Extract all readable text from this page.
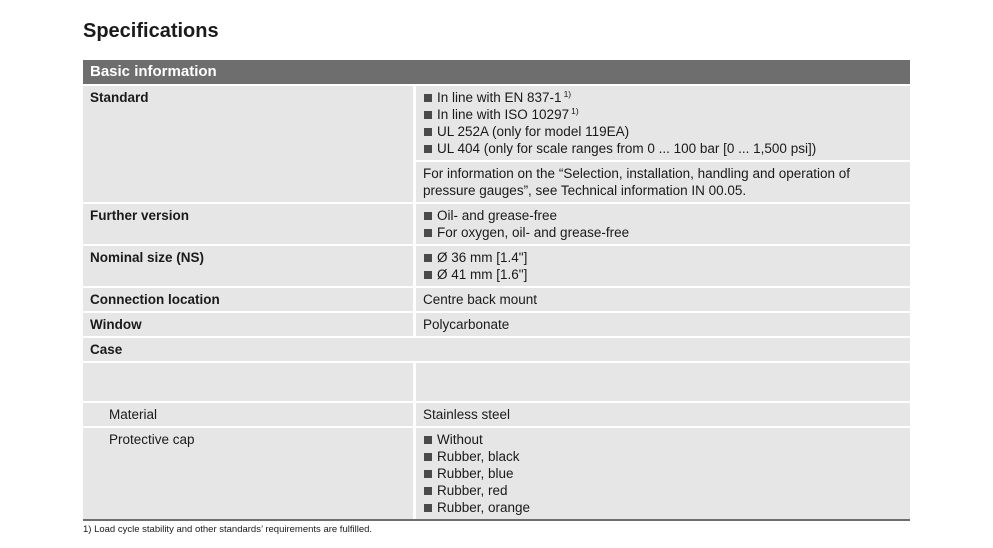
Specifications
Basic information
Standard	In line with EN 837-1 $^{1)}$
In line with ISO 10297 $^{1)}$
UL 252A (only for model 119EA)
UL 404 (only for scale ranges from 0 ... 100 bar [0 ... 1,500 psi])
For information on the “Selection, installation, handling and operation of pressure gauges”, see Technical information IN 00.05.
Further version	Oil- and grease-free
For oxygen, oil- and grease-free
Nominal size (NS)	Ø 36 mm [1.4"]
Ø 41 mm [1.6"]
Connection location	Centre back mount
Window	Polycarbonate
Case
Material	Stainless steel
Protective cap	Without
Rubber, black
Rubber, blue
Rubber, red
Rubber, orange
1) Load cycle stability and other standards’ requirements are fulfilled.
